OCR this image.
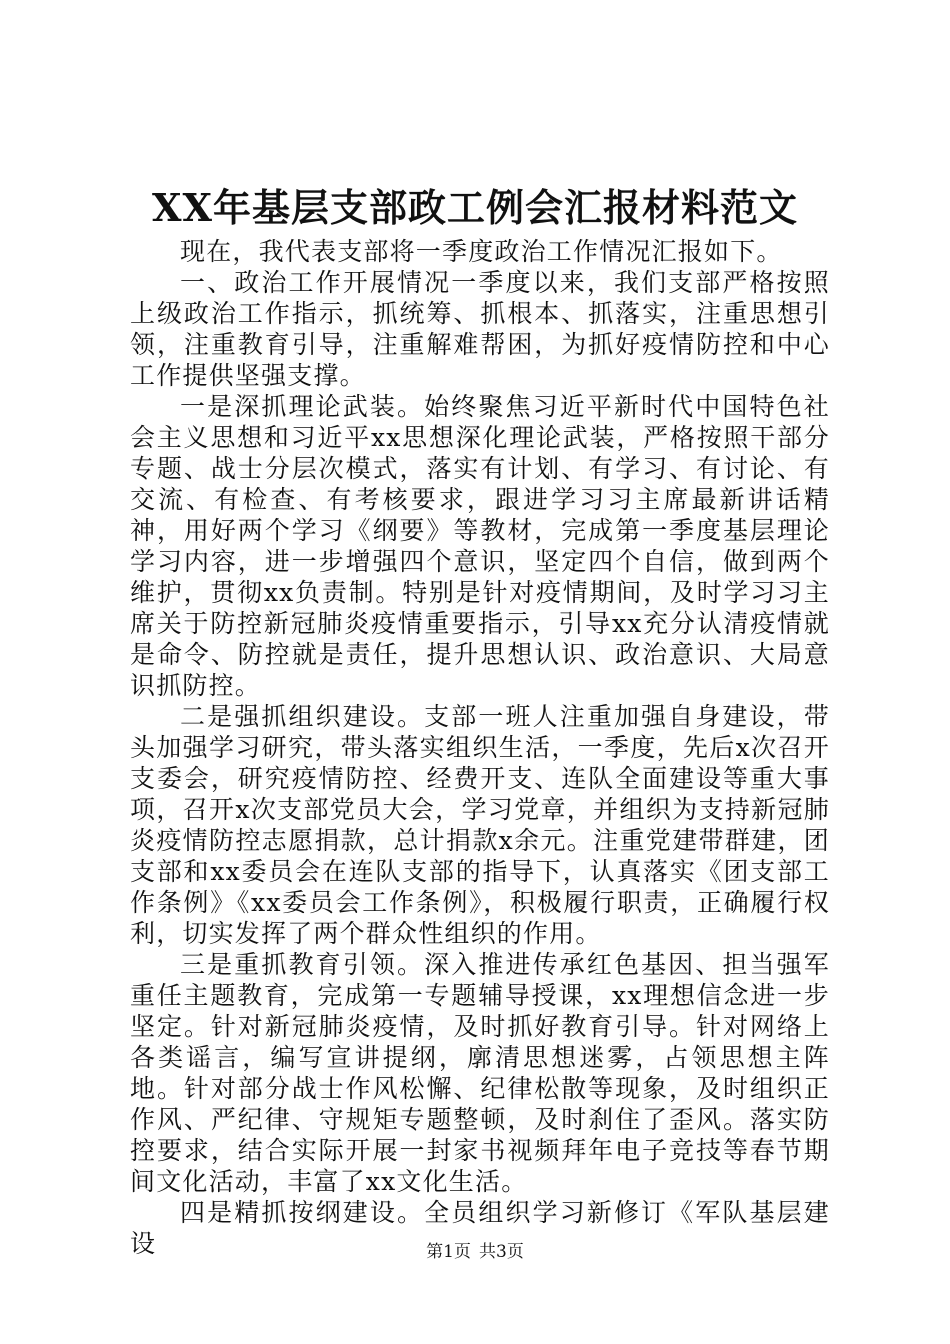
XX年基层支部政工例会汇报材料范文

现在，我代表支部将一季度政治工作情况汇报如下。

一、政治工作开展情况一季度以来，我们支部严格按照上级政治工作指示，抓统筹、抓根本、抓落实，注重思想引领，注重教育引导，注重解难帮困，为抓好疫情防控和中心工作提供坚强支撑。

一是深抓理论武装。始终聚焦习近平新时代中国特色社会主义思想和习近平xx思想深化理论武装，严格按照干部分专题、战士分层次模式，落实有计划、有学习、有讨论、有交流、有检查、有考核要求，跟进学习习主席最新讲话精神，用好两个学习《纲要》等教材，完成第一季度基层理论学习内容，进一步增强四个意识，坚定四个自信，做到两个维护，贯彻xx负责制。特别是针对疫情期间，及时学习习主席关于防控新冠肺炎疫情重要指示，引导xx充分认清疫情就是命令、防控就是责任，提升思想认识、政治意识、大局意识抓防控。

二是强抓组织建设。支部一班人注重加强自身建设，带头加强学习研究，带头落实组织生活，一季度，先后x次召开支委会，研究疫情防控、经费开支、连队全面建设等重大事项，召开x次支部党员大会，学习党章，并组织为支持新冠肺炎疫情防控志愿捐款，总计捐款x余元。注重党建带群建，团支部和xx委员会在连队支部的指导下，认真落实《团支部工作条例》《xx委员会工作条例》，积极履行职责，正确履行权利，切实发挥了两个群众性组织的作用。

三是重抓教育引领。深入推进传承红色基因、担当强军重任主题教育，完成第一专题辅导授课，xx理想信念进一步坚定。针对新冠肺炎疫情，及时抓好教育引导。针对网络上各类谣言，编写宣讲提纲，廓清思想迷雾，占领思想主阵地。针对部分战士作风松懈、纪律松散等现象，及时组织正作风、严纪律、守规矩专题整顿，及时刹住了歪风。落实防控要求，结合实际开展一封家书视频拜年电子竞技等春节期间文化活动，丰富了xx文化生活。

四是精抓按纲建设。全员组织学习新修订《军队基层建设	第1页 共3页
